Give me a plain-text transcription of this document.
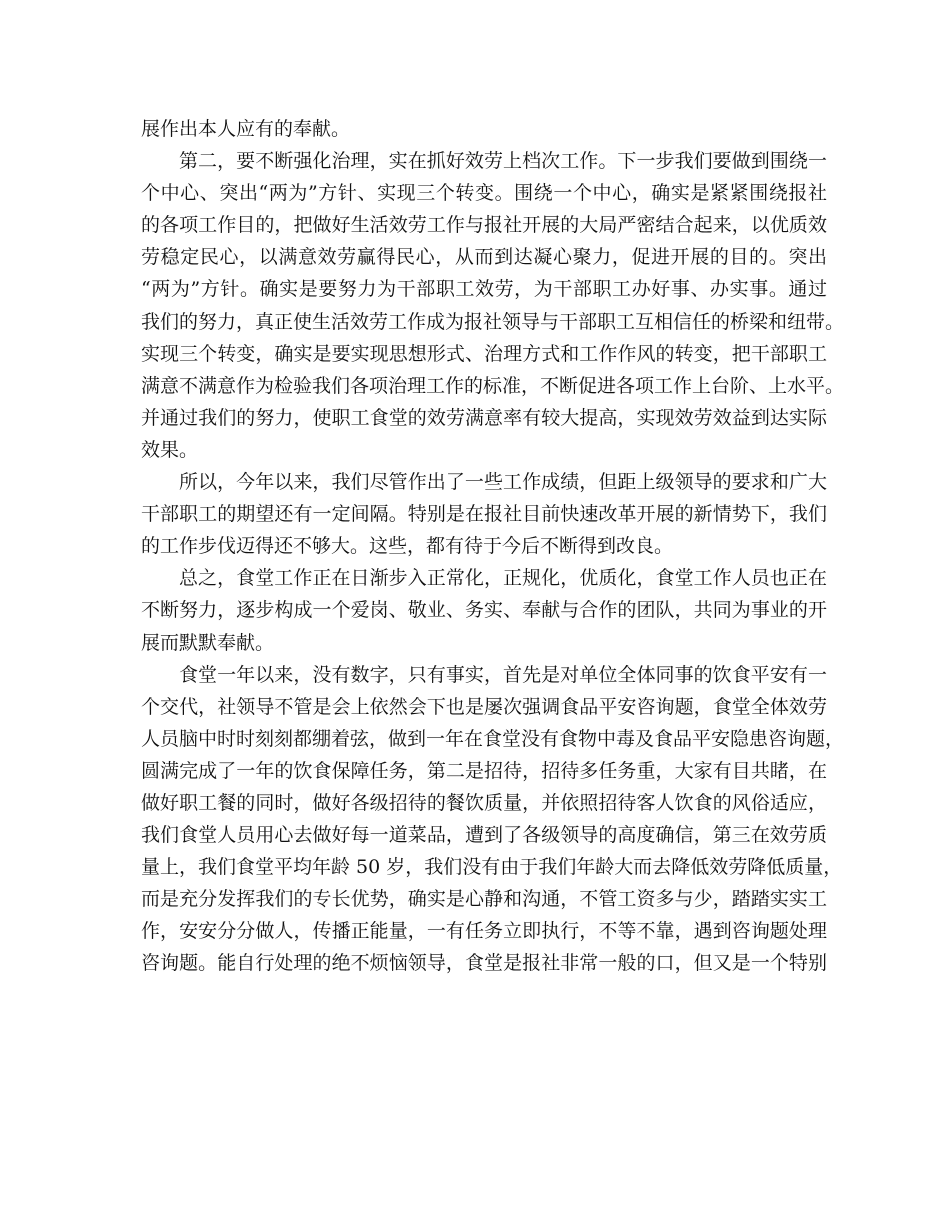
展作出本人应有的奉献。
第二，要不断强化治理，实在抓好效劳上档次工作。下一步我们要做到围绕一
个中心、突出“两为”方针、实现三个转变。围绕一个中心，确实是紧紧围绕报社
的各项工作目的，把做好生活效劳工作与报社开展的大局严密结合起来，以优质效
劳稳定民心，以满意效劳赢得民心，从而到达凝心聚力，促进开展的目的。突出
“两为”方针。确实是要努力为干部职工效劳，为干部职工办好事、办实事。通过
我们的努力，真正使生活效劳工作成为报社领导与干部职工互相信任的桥梁和纽带。
实现三个转变，确实是要实现思想形式、治理方式和工作作风的转变，把干部职工
满意不满意作为检验我们各项治理工作的标准，不断促进各项工作上台阶、上水平。
并通过我们的努力，使职工食堂的效劳满意率有较大提高，实现效劳效益到达实际
效果。
所以，今年以来，我们尽管作出了一些工作成绩，但距上级领导的要求和广大
干部职工的期望还有一定间隔。特别是在报社目前快速改革开展的新情势下，我们
的工作步伐迈得还不够大。这些，都有待于今后不断得到改良。
总之，食堂工作正在日渐步入正常化，正规化，优质化，食堂工作人员也正在
不断努力，逐步构成一个爱岗、敬业、务实、奉献与合作的团队，共同为事业的开
展而默默奉献。
食堂一年以来，没有数字，只有事实，首先是对单位全体同事的饮食平安有一
个交代，社领导不管是会上依然会下也是屡次强调食品平安咨询题，食堂全体效劳
人员脑中时时刻刻都绷着弦，做到一年在食堂没有食物中毒及食品平安隐患咨询题，
圆满完成了一年的饮食保障任务，第二是招待，招待多任务重，大家有目共睹，在
做好职工餐的同时，做好各级招待的餐饮质量，并依照招待客人饮食的风俗适应，
我们食堂人员用心去做好每一道菜品，遭到了各级领导的高度确信，第三在效劳质
量上，我们食堂平均年龄 50 岁，我们没有由于我们年龄大而去降低效劳降低质量，
而是充分发挥我们的专长优势，确实是心静和沟通，不管工资多与少，踏踏实实工
作，安安分分做人，传播正能量，一有任务立即执行，不等不靠，遇到咨询题处理
咨询题。能自行处理的绝不烦恼领导，食堂是报社非常一般的口，但又是一个特别
